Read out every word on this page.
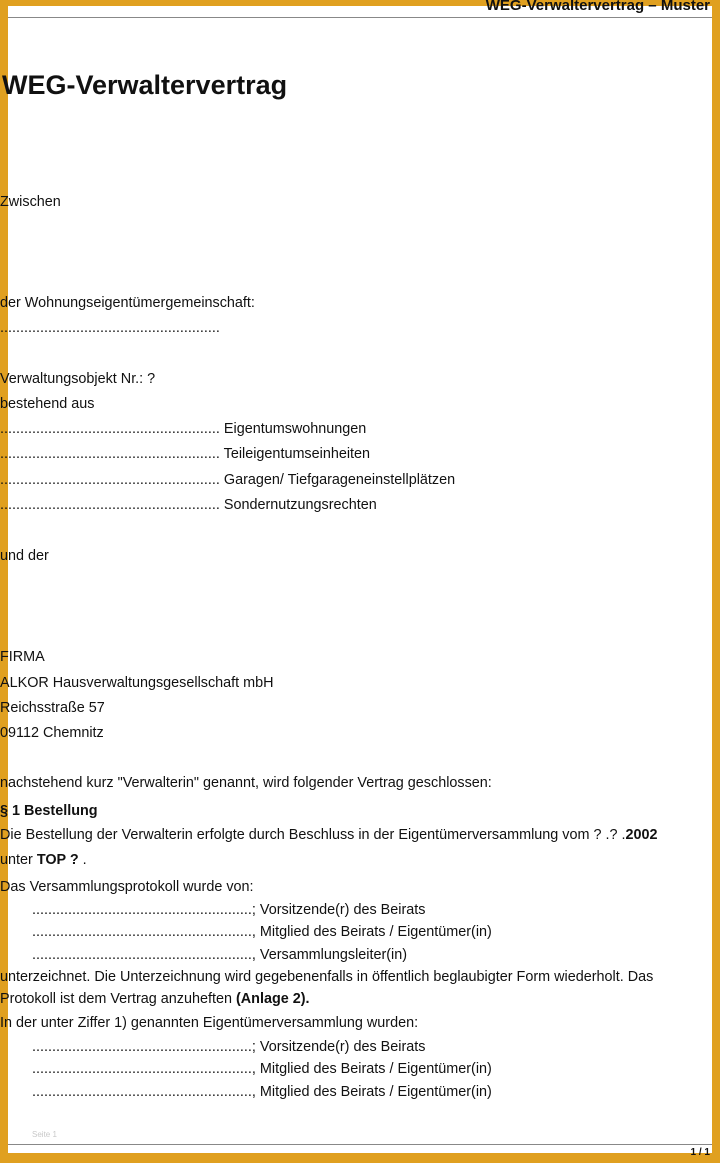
WEG-Verwaltervertrag – Muster
WEG-Verwaltervertrag
Zwischen
der Wohnungseigentümergemeinschaft:
.......................................................
Verwaltungsobjekt Nr.: ?
bestehend aus
....................................................... Eigentumswohnungen
....................................................... Teileigentumseinheiten
....................................................... Garagen/ Tiefgarageneinstellplätzen
....................................................... Sondernutzungsrechten
und der
FIRMA
ALKOR Hausverwaltungsgesellschaft mbH
Reichsstraße 57
09112 Chemnitz
nachstehend kurz "Verwalterin" genannt, wird folgender Vertrag geschlossen:
§ 1 Bestellung
Die Bestellung der Verwalterin erfolgte durch Beschluss in der Eigentümerversammlung vom ? .? .2002
unter TOP ? .
Das Versammlungsprotokoll wurde von:
.......................................................; Vorsitzende(r) des Beirats
......................................................., Mitglied des Beirats / Eigentümer(in)
......................................................., Versammlungsleiter(in)
unterzeichnet. Die Unterzeichnung wird gegebenenfalls in öffentlich beglaubigter Form wiederholt. Das
Protokoll ist dem Vertrag anzuheften (Anlage 2).
In der unter Ziffer 1) genannten Eigentümerversammlung wurden:
.......................................................; Vorsitzende(r) des Beirats
......................................................., Mitglied des Beirats / Eigentümer(in)
......................................................., Mitglied des Beirats / Eigentümer(in)
Seite 1
1 / 1
